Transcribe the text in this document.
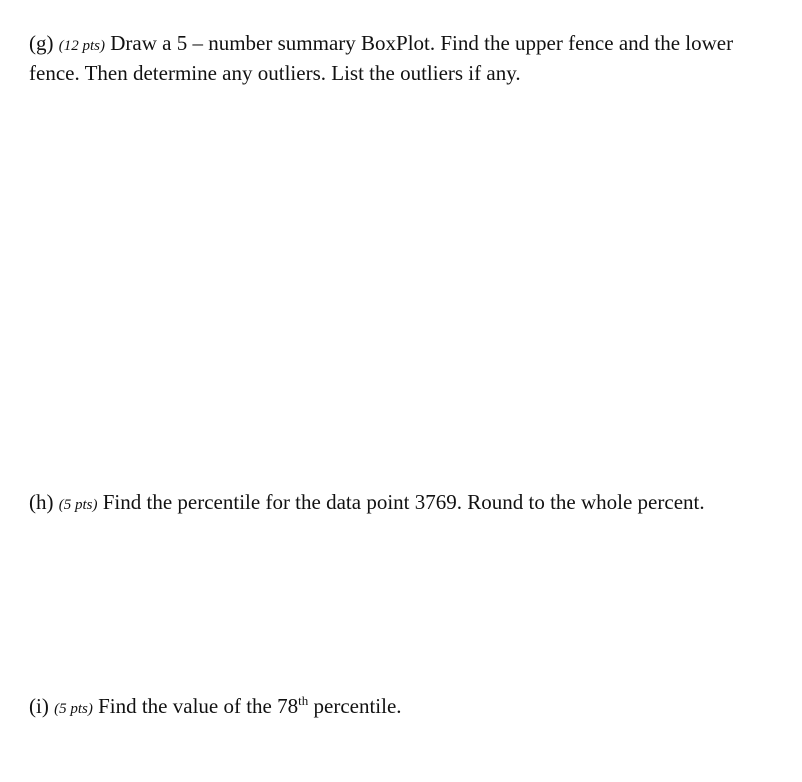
(g) (12 pts) Draw a 5 – number summary BoxPlot. Find the upper fence and the lower fence. Then determine any outliers. List the outliers if any.

(h) (5 pts) Find the percentile for the data point 3769. Round to the whole percent.

(i) (5 pts) Find the value of the 78th percentile.
